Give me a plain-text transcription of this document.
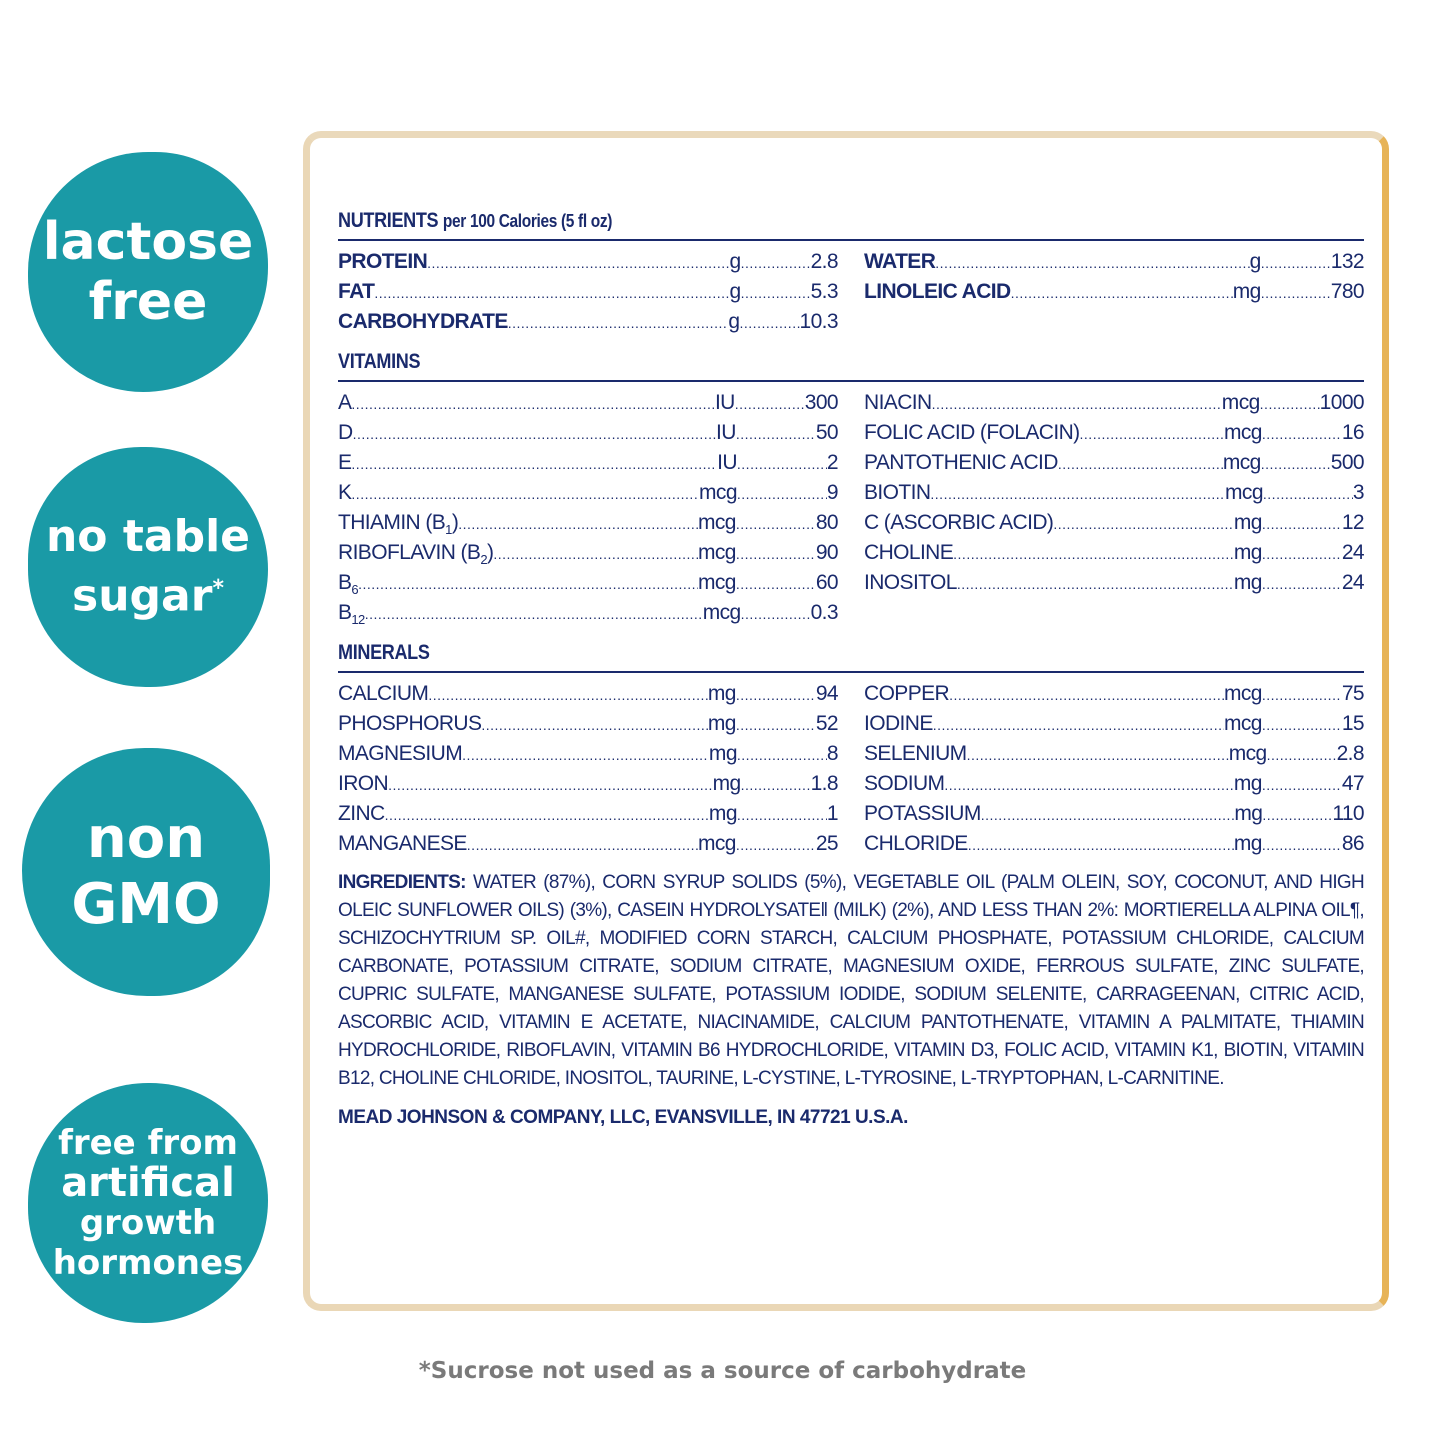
lactose
free
no table
sugar*
non
GMO
free from
artifical
growth
hormones
NUTRIENTS per 100 Calories (5 fl oz)
PROTEIN .....	g .....	2.8
FAT .....	g .....	5.3
CARBOHYDRATE .....	g .....	10.3
WATER .....	g .....	132
LINOLEIC ACID .....	mg .....	780
VITAMINS
A .....	IU .....	300
D .....	IU .....	50
E .....	IU .....	2
K .....	mcg .....	9
THIAMIN $(B_1)$ .....	mcg .....	80
RIBOFLAVIN $(B_2)$ .....	mcg .....	90
$B_6$ .....	mcg .....	60
$B_{12}$ .....	mcg .....	0.3
NIACIN .....	mcg .....	1000
FOLIC ACID (FOLACIN) .....	mcg .....	16
PANTOTHENIC ACID .....	mcg .....	500
BIOTIN .....	mcg .....	3
C (ASCORBIC ACID) .....	mg .....	12
CHOLINE .....	mg .....	24
INOSITOL .....	mg .....	24
MINERALS
CALCIUM .....	mg .....	94
PHOSPHORUS .....	mg .....	52
MAGNESIUM .....	mg .....	8
IRON .....	mg .....	1.8
ZINC .....	mg .....	1
MANGANESE .....	mcg .....	25
COPPER .....	mcg .....	75
IODINE .....	mcg .....	15
SELENIUM .....	mcg .....	2.8
SODIUM .....	mg .....	47
POTASSIUM .....	mg .....	110
CHLORIDE .....	mg .....	86
INGREDIENTS: WATER (87%), CORN SYRUP SOLIDS (5%), VEGETABLE OIL (PALM OLEIN, SOY, COCONUT, AND HIGH OLEIC SUNFLOWER OILS) (3%), CASEIN HYDROLYSATE‖ (MILK) (2%), AND LESS THAN 2%: MORTIERELLA ALPINA OIL¶, SCHIZOCHYTRIUM SP. OIL#, MODIFIED CORN STARCH, CALCIUM PHOSPHATE, POTASSIUM CHLORIDE, CALCIUM CARBONATE, POTASSIUM CITRATE, SODIUM CITRATE, MAGNESIUM OXIDE, FERROUS SULFATE, ZINC SULFATE, CUPRIC SULFATE, MANGANESE SULFATE, POTASSIUM IODIDE, SODIUM SELENITE, CARRAGEENAN, CITRIC ACID, ASCORBIC ACID, VITAMIN E ACETATE, NIACINAMIDE, CALCIUM PANTOTHENATE, VITAMIN A PALMITATE, THIAMIN HYDROCHLORIDE, RIBOFLAVIN, VITAMIN B6 HYDROCHLORIDE, VITAMIN D3, FOLIC ACID, VITAMIN K1, BIOTIN, VITAMIN B12, CHOLINE CHLORIDE, INOSITOL, TAURINE, L-CYSTINE, L-TYROSINE, L-TRYPTOPHAN, L-CARNITINE.
MEAD JOHNSON & COMPANY, LLC, EVANSVILLE, IN 47721 U.S.A.
*Sucrose not used as a source of carbohydrate
